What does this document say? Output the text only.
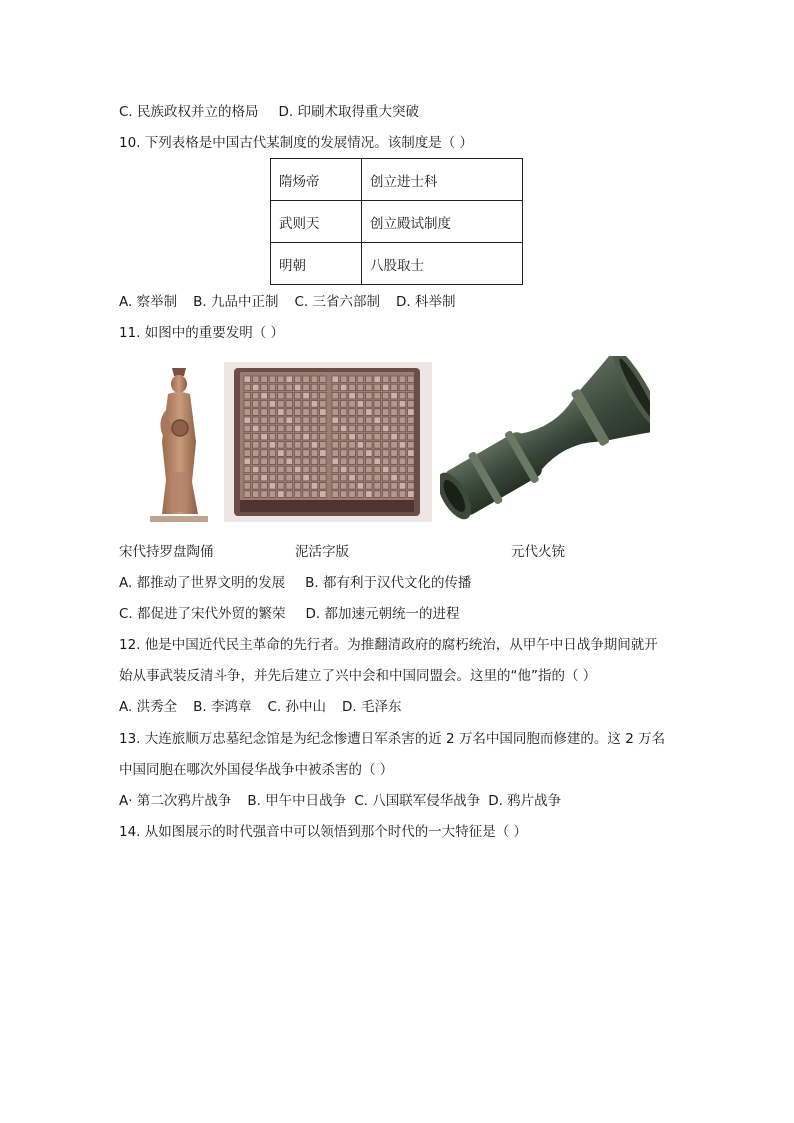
C. 民族政权并立的格局 D. 印刷术取得重大突破
10. 下列表格是中国古代某制度的发展情况。该制度是（ ）
隋炀帝	创立进士科
武则天	创立殿试制度
明朝	八股取士
A. 察举制 B. 九品中正制 C. 三省六部制 D. 科举制
11. 如图中的重要发明（ ）
宋代持罗盘陶俑	泥活字版	元代火铳
A. 都推动了世界文明的发展 B. 都有利于汉代文化的传播
C. 都促进了宋代外贸的繁荣 D. 都加速元朝统一的进程
12. 他是中国近代民主革命的先行者。为推翻清政府的腐朽统治，从甲午中日战争期间就开
始从事武装反清斗争，并先后建立了兴中会和中国同盟会。这里的“他”指的（ ）
A. 洪秀全 B. 李鸿章 C. 孙中山 D. 毛泽东
13. 大连旅顺万忠墓纪念馆是为纪念惨遭日军杀害的近 2 万名中国同胞而修建的。这 2 万名
中国同胞在哪次外国侵华战争中被杀害的（ ）
A· 第二次鸦片战争 B. 甲午中日战争 C. 八国联军侵华战争 D. 鸦片战争
14. 从如图展示的时代强音中可以领悟到那个时代的一大特征是（ ）
